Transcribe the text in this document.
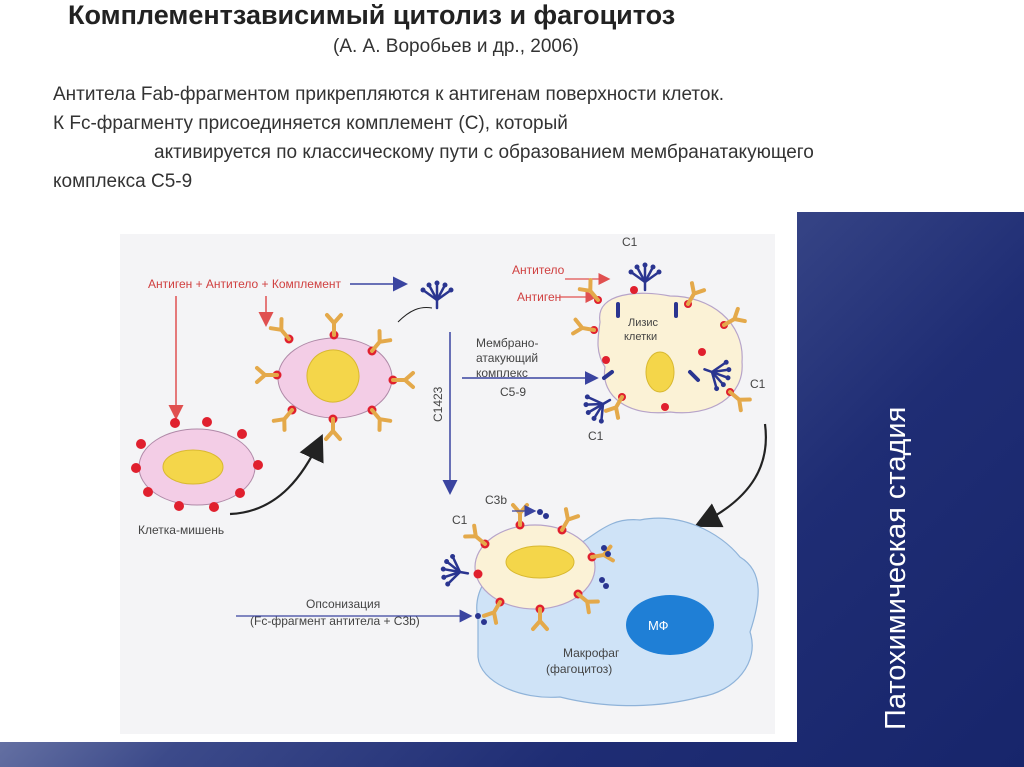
Комплементзависимый цитолиз и фагоцитоз
(А. А. Воробьев и др., 2006)
Антитела Fab-фрагментом прикрепляются к антигенам поверхности клеток.
К Fc-фрагменту присоединяется комплемент (С), который
активируется по классическому пути с образованием мембранатакующего
комплекса С5-9
Антиген + Антитело + Комплемент
Клетка-мишень
C1423
С1
Антитело
Антиген
Лизис
клетки
Мембрано-
атакующий
комплекс
С5-9
С1
С1
МФ
Макрофаг
(фагоцитоз)
С1
С3b
Опсонизация
(Fc-фрагмент антитела + С3b)	Патохимическая стадия
